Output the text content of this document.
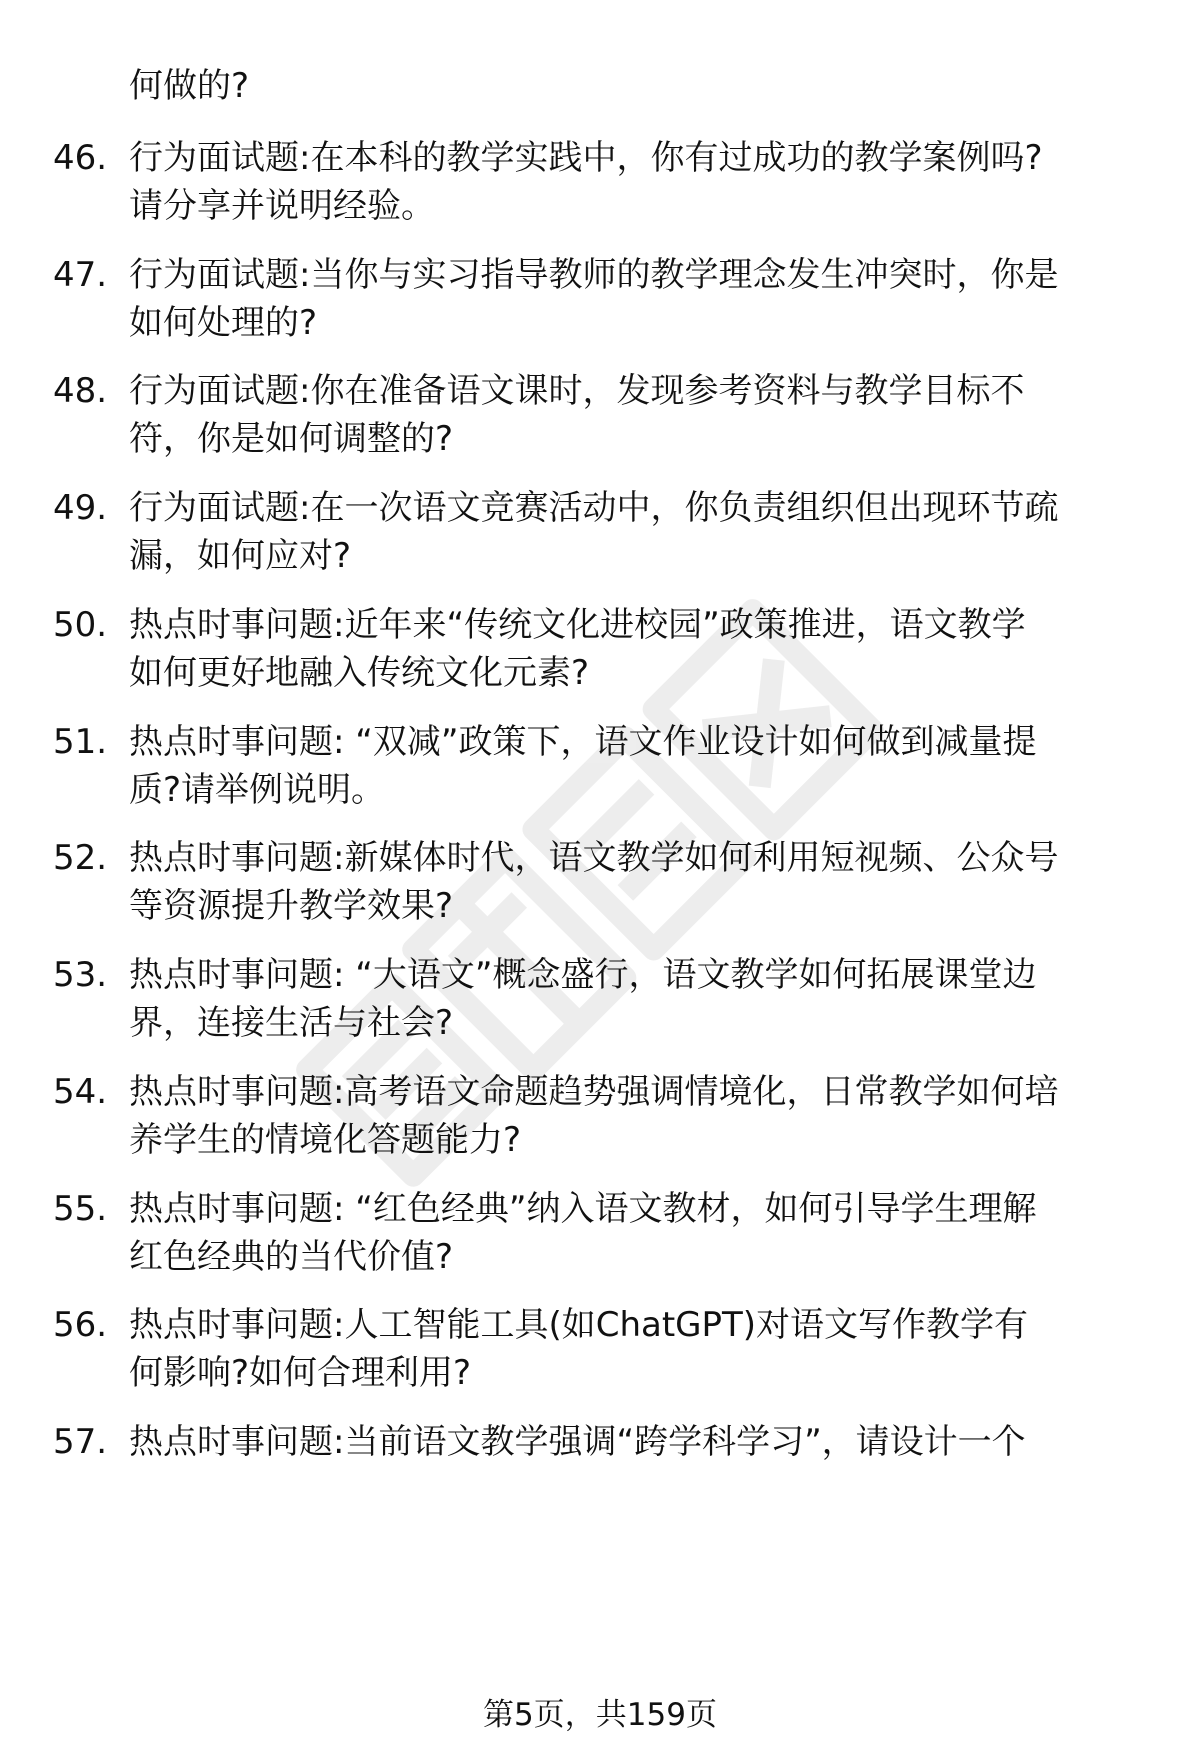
何做的?
46. 行为面试题:在本科的教学实践中，你有过成功的教学案例吗?
请分享并说明经验。
47. 行为面试题:当你与实习指导教师的教学理念发生冲突时，你是
如何处理的?
48. 行为面试题:你在准备语文课时，发现参考资料与教学目标不
符，你是如何调整的?
49. 行为面试题:在一次语文竞赛活动中，你负责组织但出现环节疏
漏，如何应对?
50. 热点时事问题:近年来“传统文化进校园”政策推进，语文教学
如何更好地融入传统文化元素?
51. 热点时事问题: “双减”政策下，语文作业设计如何做到减量提
质?请举例说明。
52. 热点时事问题:新媒体时代，语文教学如何利用短视频、公众号
等资源提升教学效果?
53. 热点时事问题: “大语文”概念盛行，语文教学如何拓展课堂边
界，连接生活与社会?
54. 热点时事问题:高考语文命题趋势强调情境化，日常教学如何培
养学生的情境化答题能力?
55. 热点时事问题: “红色经典”纳入语文教材，如何引导学生理解
红色经典的当代价值?
56. 热点时事问题:人工智能工具(如ChatGPT)对语文写作教学有
何影响?如何合理利用?
57. 热点时事问题:当前语文教学强调“跨学科学习”，请设计一个
第5页，共159页
